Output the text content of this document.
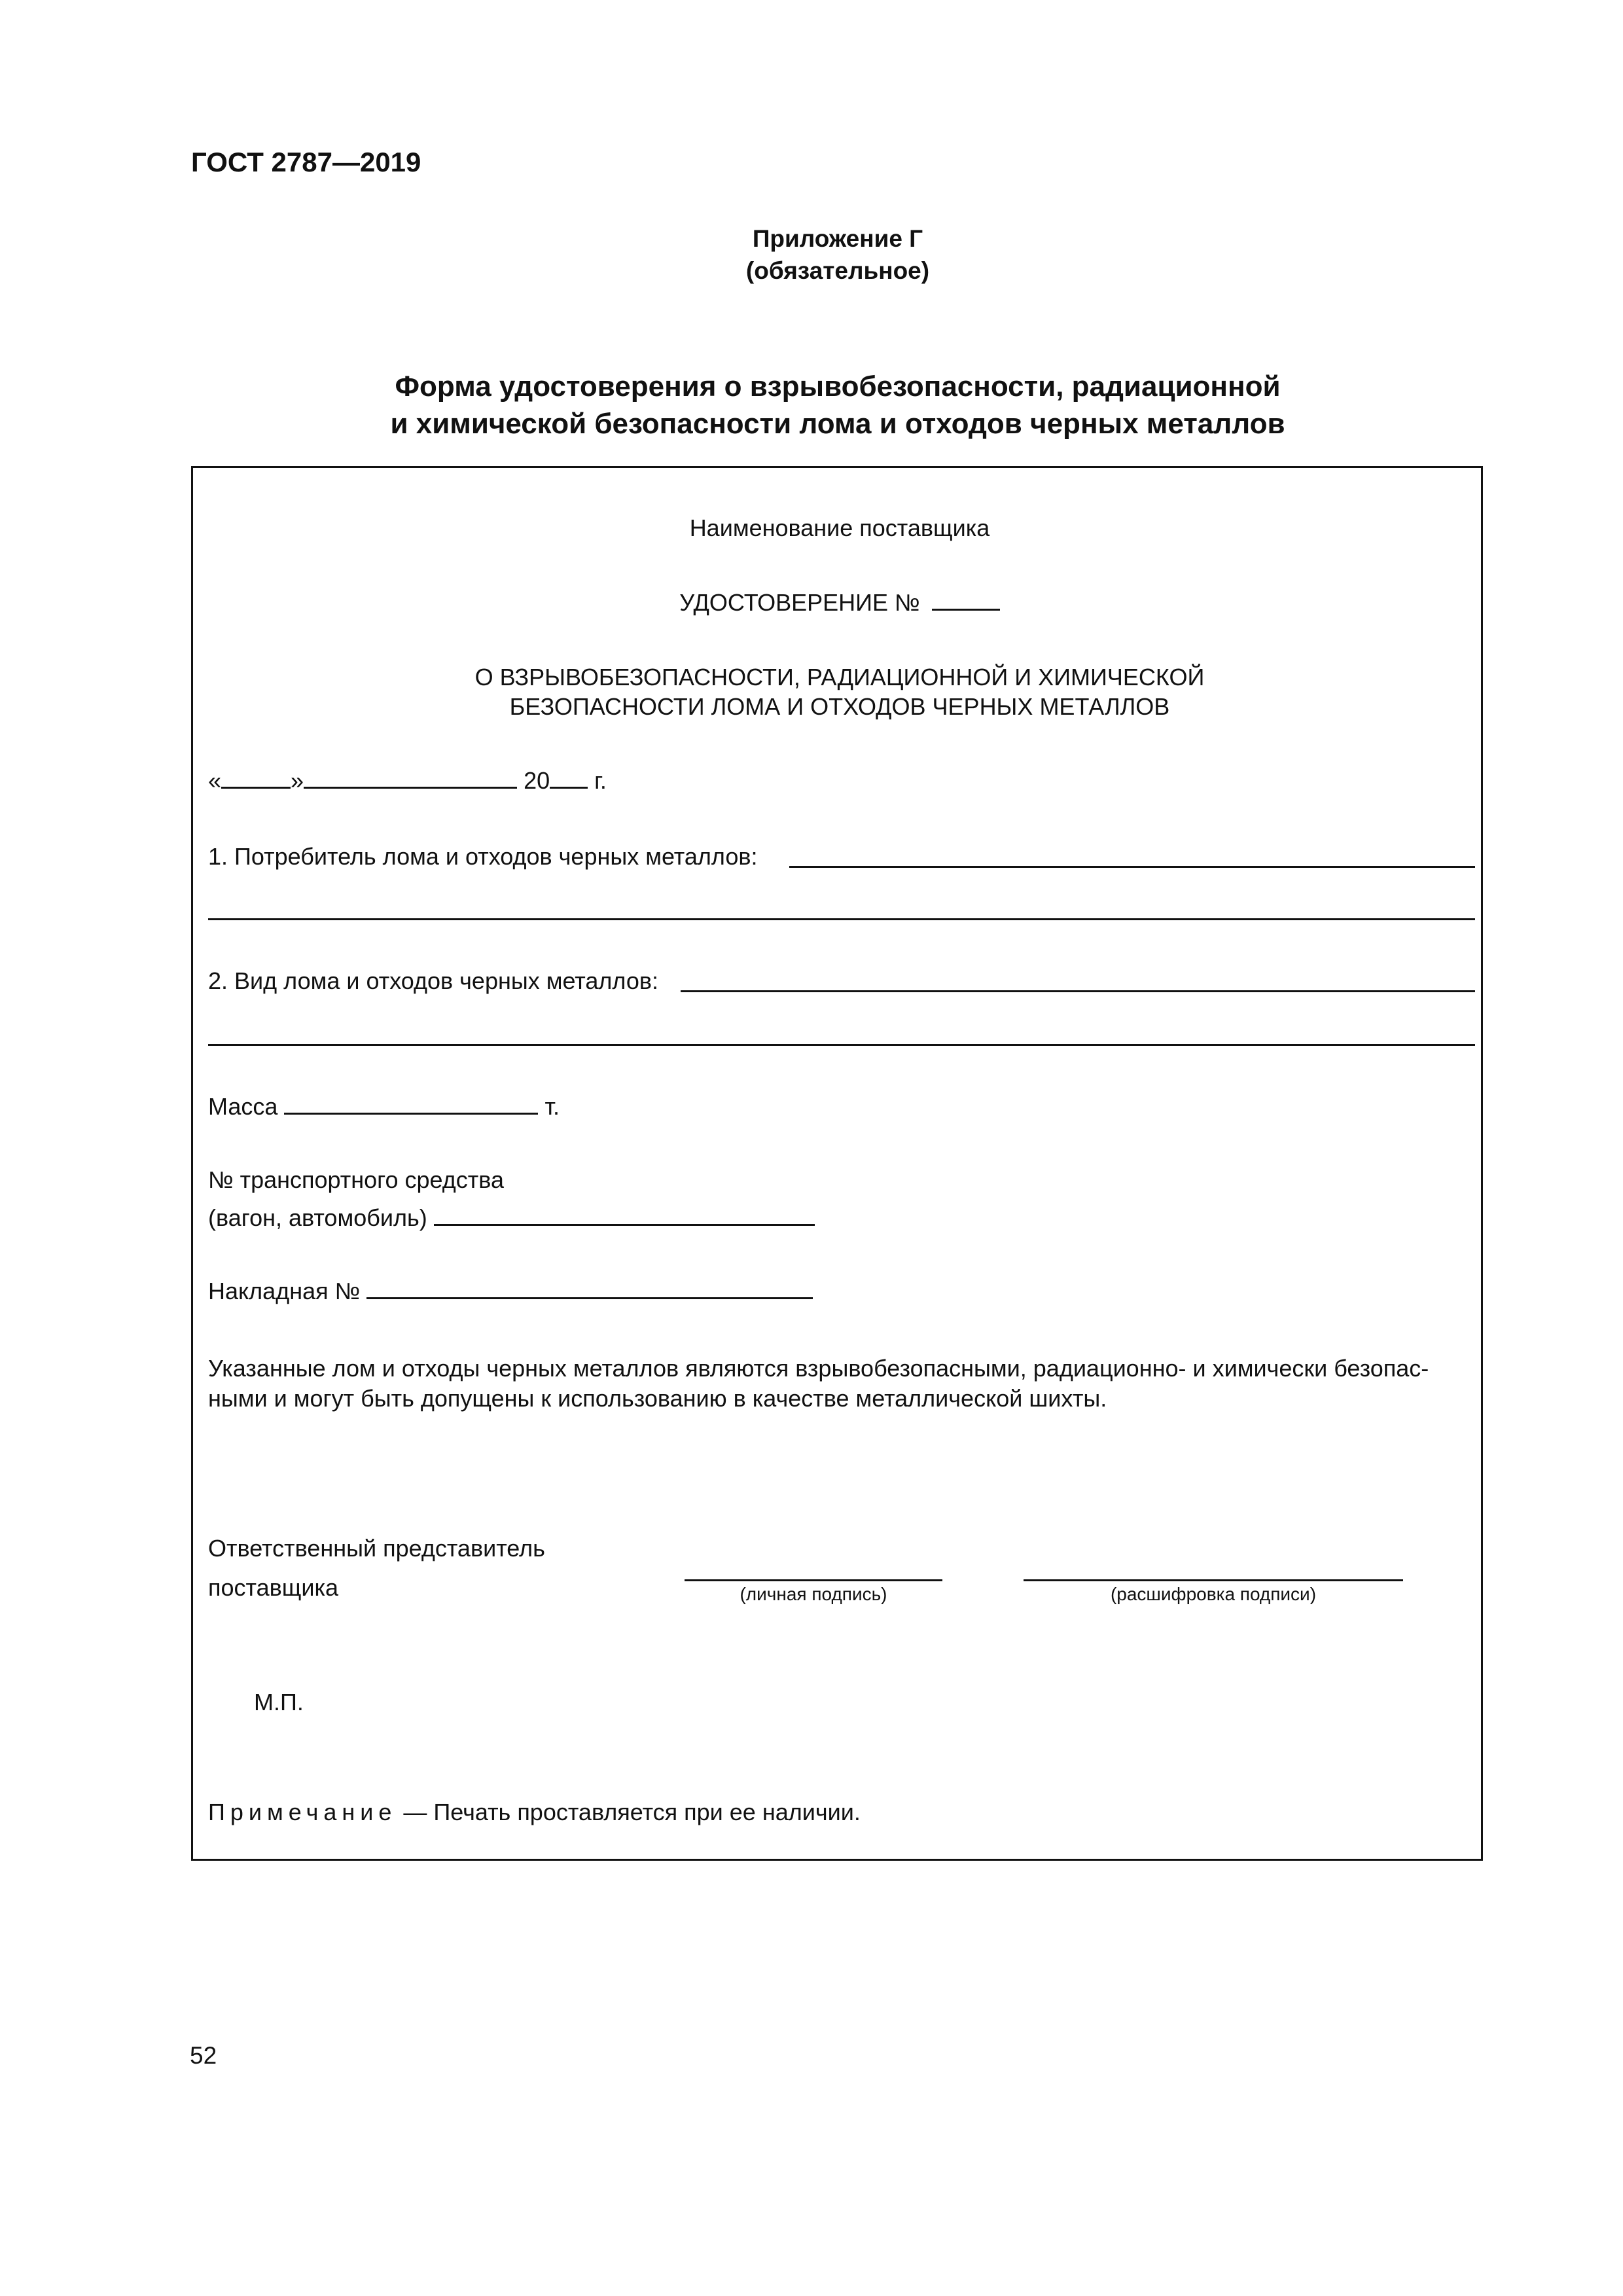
ГОСТ 2787—2019
Приложение Г
(обязательное)
Форма удостоверения о взрывобезопасности, радиационной
и химической безопасности лома и отходов черных металлов
Наименование поставщика
УДОСТОВЕРЕНИЕ №
О ВЗРЫВОБЕЗОПАСНОСТИ, РАДИАЦИОННОЙ И ХИМИЧЕСКОЙ
БЕЗОПАСНОСТИ ЛОМА И ОТХОДОВ ЧЕРНЫХ МЕТАЛЛОВ
«	»	20 г.
1. Потребитель лома и отходов черных металлов:
2. Вид лома и отходов черных металлов:
Масса	т.
№ транспортного средства
(вагон, автомобиль)
Накладная №
Указанные лом и отходы черных металлов являются взрывобезопасными, радиационно- и химически безопас-
ными и могут быть допущены к использованию в качестве металлической шихты.
Ответственный представитель
поставщика	(личная подпись)	(расшифровка подписи)
М.П.
Примечание — Печать проставляется при ее наличии.
52
